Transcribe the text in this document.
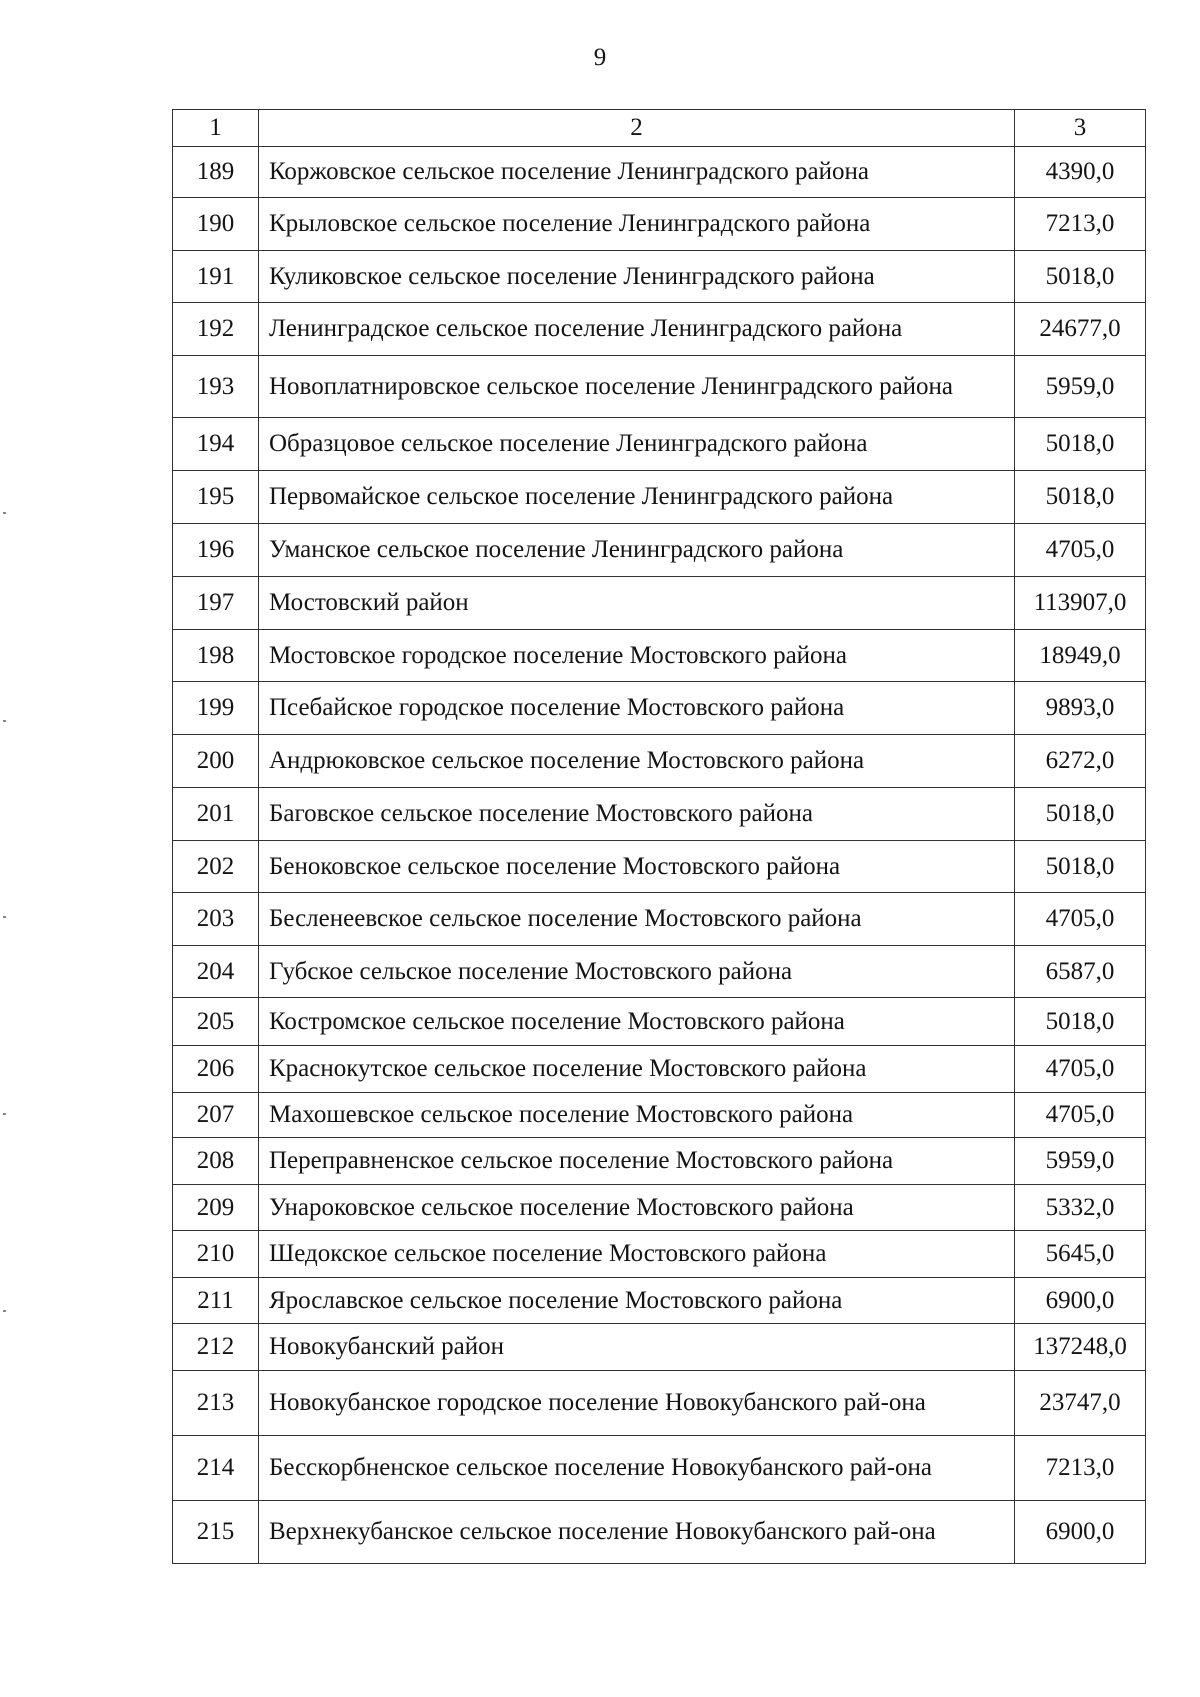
9
1	2	3
189	Коржовское сельское поселение Ленинградского района	4390,0
190	Крыловское сельское поселение Ленинградского района	7213,0
191	Куликовское сельское поселение Ленинградского района	5018,0
192	Ленинградское сельское поселение Ленинградского района	24677,0
193	Новоплатнировское сельское поселение Ленинградского района	5959,0
194	Образцовое сельское поселение Ленинградского района	5018,0
195	Первомайское сельское поселение Ленинградского района	5018,0
196	Уманское сельское поселение Ленинградского района	4705,0
197	Мостовский район	113907,0
198	Мостовское городское поселение Мостовского района	18949,0
199	Псебайское городское поселение Мостовского района	9893,0
200	Андрюковское сельское поселение Мостовского района	6272,0
201	Баговское сельское поселение Мостовского района	5018,0
202	Беноковское сельское поселение Мостовского района	5018,0
203	Бесленеевское сельское поселение Мостовского района	4705,0
204	Губское сельское поселение Мостовского района	6587,0
205	Костромское сельское поселение Мостовского района	5018,0
206	Краснокутское сельское поселение Мостовского района	4705,0
207	Махошевское сельское поселение Мостовского района	4705,0
208	Переправненское сельское поселение Мостовского района	5959,0
209	Унароковское сельское поселение Мостовского района	5332,0
210	Шедокское сельское поселение Мостовского района	5645,0
211	Ярославское сельское поселение Мостовского района	6900,0
212	Новокубанский район	137248,0
213	Новокубанское городское поселение Новокубанского рай-она	23747,0
214	Бесскорбненское сельское поселение Новокубанского рай-она	7213,0
215	Верхнекубанское сельское поселение Новокубанского рай-она	6900,0
